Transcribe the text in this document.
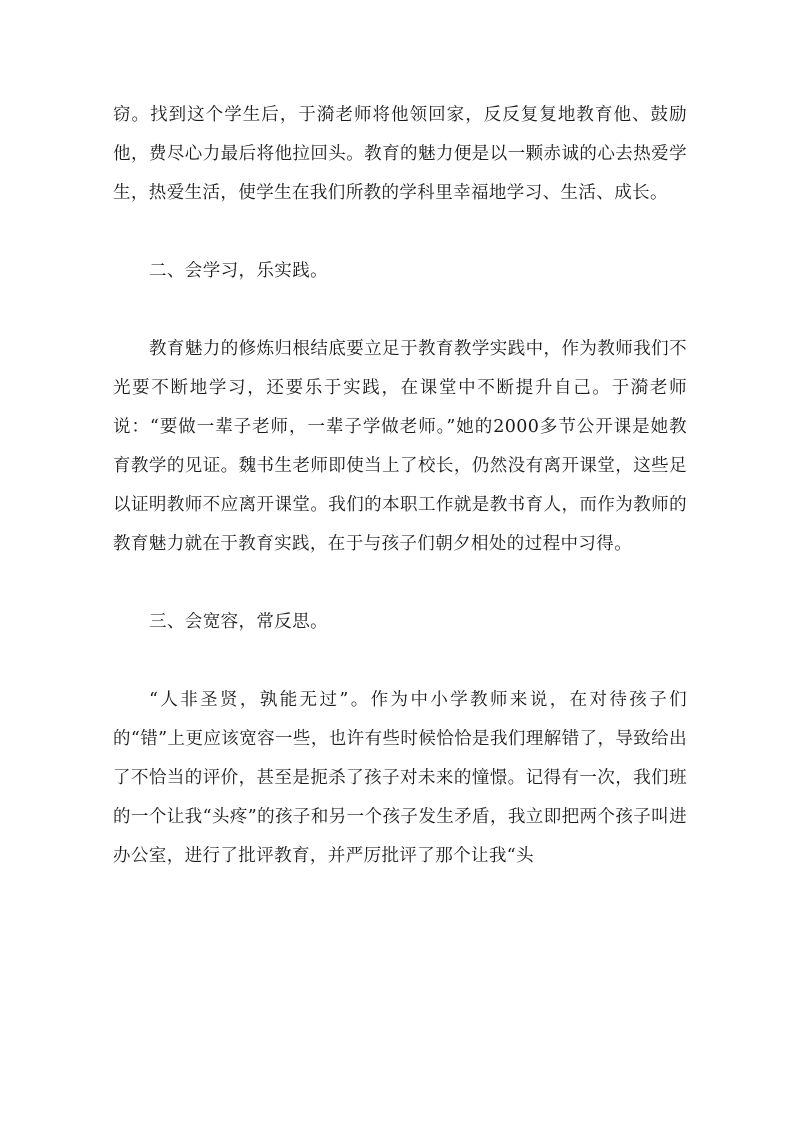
窃。找到这个学生后，于漪老师将他领回家，反反复复地教育他、鼓励他，费尽心力最后将他拉回头。教育的魅力便是以一颗赤诚的心去热爱学生，热爱生活，使学生在我们所教的学科里幸福地学习、生活、成长。

二、会学习，乐实践。

教育魅力的修炼归根结底要立足于教育教学实践中，作为教师我们不光要不断地学习，还要乐于实践，在课堂中不断提升自己。于漪老师说：“要做一辈子老师，一辈子学做老师。”她的2000多节公开课是她教育教学的见证。魏书生老师即使当上了校长，仍然没有离开课堂，这些足以证明教师不应离开课堂。我们的本职工作就是教书育人，而作为教师的教育魅力就在于教育实践，在于与孩子们朝夕相处的过程中习得。

三、会宽容，常反思。

“人非圣贤，孰能无过”。作为中小学教师来说，在对待孩子们的“错”上更应该宽容一些，也许有些时候恰恰是我们理解错了，导致给出了不恰当的评价，甚至是扼杀了孩子对未来的憧憬。记得有一次，我们班的一个让我“头疼”的孩子和另一个孩子发生矛盾，我立即把两个孩子叫进办公室，进行了批评教育，并严厉批评了那个让我“头
